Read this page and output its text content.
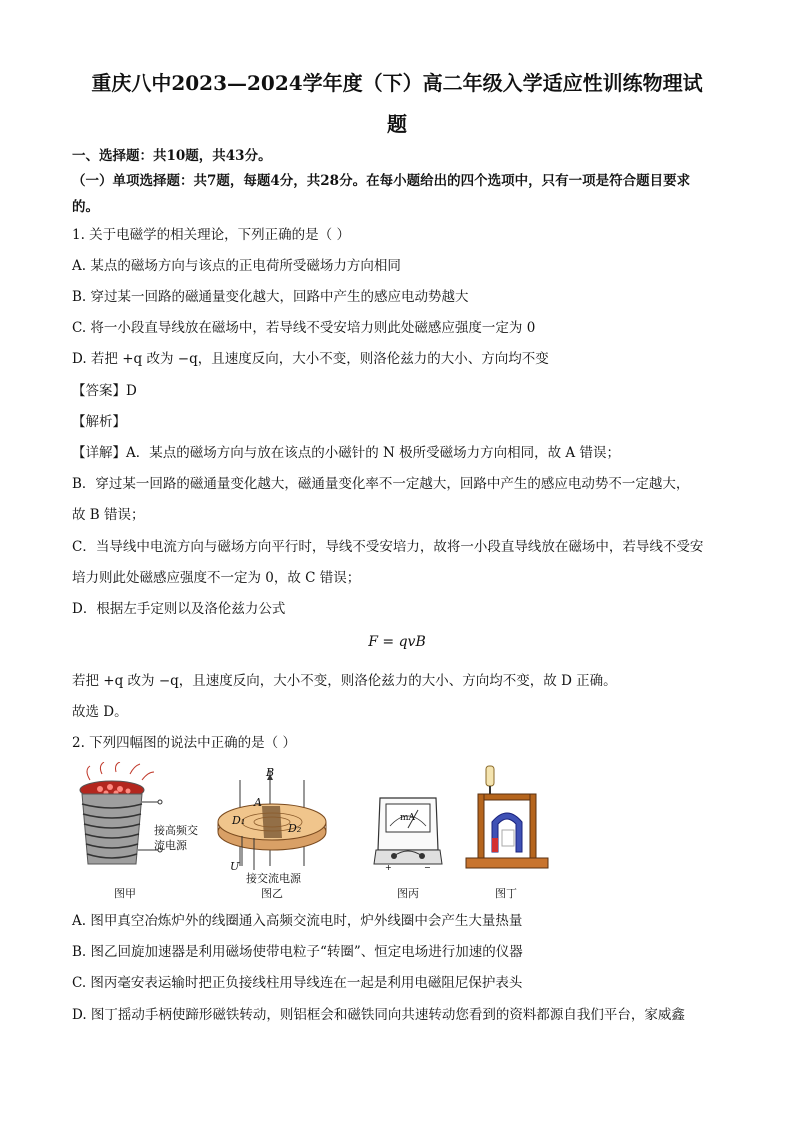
重庆八中2023—2024学年度（下）高二年级入学适应性训练物理试
题
一、选择题：共10题，共43分。
（一）单项选择题：共7题，每题4分，共28分。在每小题给出的四个选项中，只有一项是符合题目要求
的。
1. 关于电磁学的相关理论，下列正确的是（ ）
A. 某点的磁场方向与该点的正电荷所受磁场力方向相同
B. 穿过某一回路的磁通量变化越大，回路中产生的感应电动势越大
C. 将一小段直导线放在磁场中，若导线不受安培力则此处磁感应强度一定为 0
D. 若把 +q 改为 −q，且速度反向，大小不变，则洛伦兹力的大小、方向均不变
【答案】D
【解析】
【详解】A．某点的磁场方向与放在该点的小磁针的 N 极所受磁场力方向相同，故 A 错误；
B．穿过某一回路的磁通量变化越大，磁通量变化率不一定越大，回路中产生的感应电动势不一定越大，
故 B 错误；
C．当导线中电流方向与磁场方向平行时，导线不受安培力，故将一小段直导线放在磁场中，若导线不受安
培力则此处磁感应强度不一定为 0，故 C 错误；
D．根据左手定则以及洛伦兹力公式
F = qvB
若把 +q 改为 −q，且速度反向，大小不变，则洛伦兹力的大小、方向均不变，故 D 正确。
故选 D。
2. 下列四幅图的说法中正确的是（ ）
接高频交
流电源
图甲
B
A
D₁
D₂
U
接交流电源
图乙
+	−
mA
图丙	图丁
A. 图甲真空冶炼炉外的线圈通入高频交流电时，炉外线圈中会产生大量热量
B. 图乙回旋加速器是利用磁场使带电粒子“转圈”、恒定电场进行加速的仪器
C. 图丙毫安表运输时把正负接线柱用导线连在一起是利用电磁阻尼保护表头
D. 图丁摇动手柄使蹄形磁铁转动，则铝框会和磁铁同向共速转动您看到的资料都源自我们平台，家威鑫
